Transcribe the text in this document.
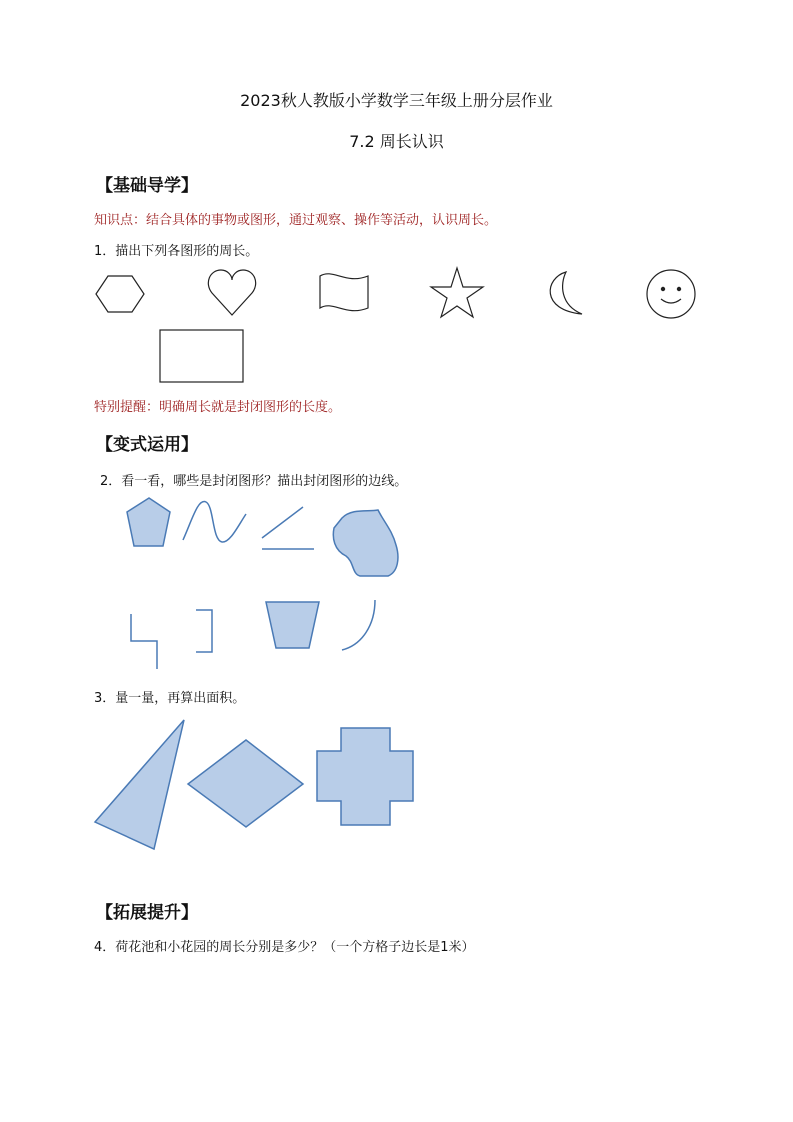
2023秋人教版小学数学三年级上册分层作业
7.2 周长认识
【基础导学】
知识点：结合具体的事物或图形，通过观察、操作等活动，认识周长。
1．描出下列各图形的周长。
特别提醒：明确周长就是封闭图形的长度。
【变式运用】
2．看一看，哪些是封闭图形？描出封闭图形的边线。
3．量一量，再算出面积。
【拓展提升】
4．荷花池和小花园的周长分别是多少？（一个方格子边长是1米）
